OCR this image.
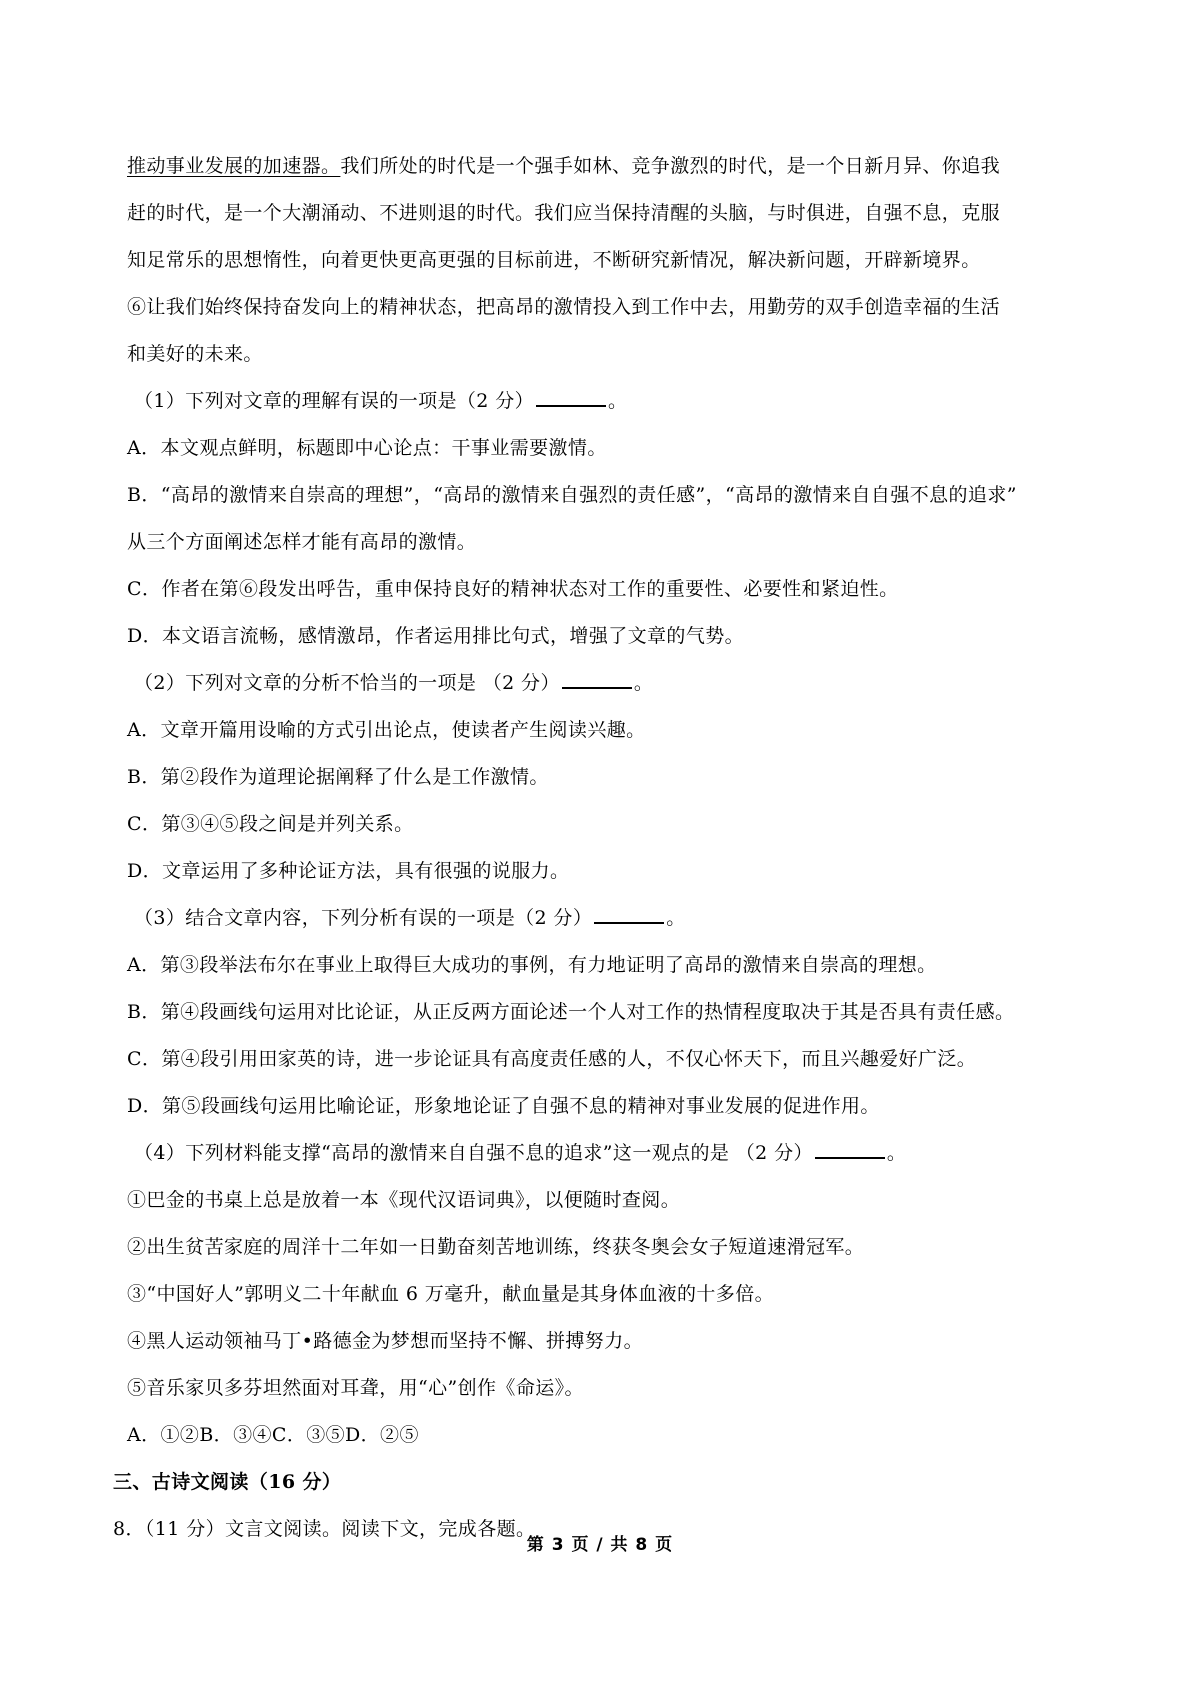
推动事业发展的加速器。我们所处的时代是一个强手如林、竞争激烈的时代，是一个日新月异、你追我
赶的时代，是一个大潮涌动、不进则退的时代。我们应当保持清醒的头脑，与时俱进，自强不息，克服
知足常乐的思想惰性，向着更快更高更强的目标前进，不断研究新情况，解决新问题，开辟新境界。
⑥让我们始终保持奋发向上的精神状态，把高昂的激情投入到工作中去，用勤劳的双手创造幸福的生活
和美好的未来。
（1）下列对文章的理解有误的一项是（2 分）	。
A．本文观点鲜明，标题即中心论点：干事业需要激情。
B．“高昂的激情来自崇高的理想”，“高昂的激情来自强烈的责任感”，“高昂的激情来自自强不息的追求”
从三个方面阐述怎样才能有高昂的激情。
C．作者在第⑥段发出呼告，重申保持良好的精神状态对工作的重要性、必要性和紧迫性。
D．本文语言流畅，感情激昂，作者运用排比句式，增强了文章的气势。
（2）下列对文章的分析不恰当的一项是 （2 分）	。
A．文章开篇用设喻的方式引出论点，使读者产生阅读兴趣。
B．第②段作为道理论据阐释了什么是工作激情。
C．第③④⑤段之间是并列关系。
D．文章运用了多种论证方法，具有很强的说服力。
（3）结合文章内容，下列分析有误的一项是（2 分）	。
A．第③段举法布尔在事业上取得巨大成功的事例，有力地证明了高昂的激情来自崇高的理想。
B．第④段画线句运用对比论证，从正反两方面论述一个人对工作的热情程度取决于其是否具有责任感。
C．第④段引用田家英的诗，进一步论证具有高度责任感的人，不仅心怀天下，而且兴趣爱好广泛。
D．第⑤段画线句运用比喻论证，形象地论证了自强不息的精神对事业发展的促进作用。
（4）下列材料能支撑“高昂的激情来自自强不息的追求”这一观点的是 （2 分）	。
①巴金的书桌上总是放着一本《现代汉语词典》，以便随时查阅。
②出生贫苦家庭的周洋十二年如一日勤奋刻苦地训练，终获冬奥会女子短道速滑冠军。
③“中国好人”郭明义二十年献血 6 万毫升，献血量是其身体血液的十多倍。
④黑人运动领袖马丁•路德金为梦想而坚持不懈、拼搏努力。
⑤音乐家贝多芬坦然面对耳聋，用“心”创作《命运》。
A．①②B．③④C．③⑤D．②⑤
三、古诗文阅读（16 分）
8．（11 分）文言文阅读。阅读下文，完成各题。
第 3 页 / 共 8 页
